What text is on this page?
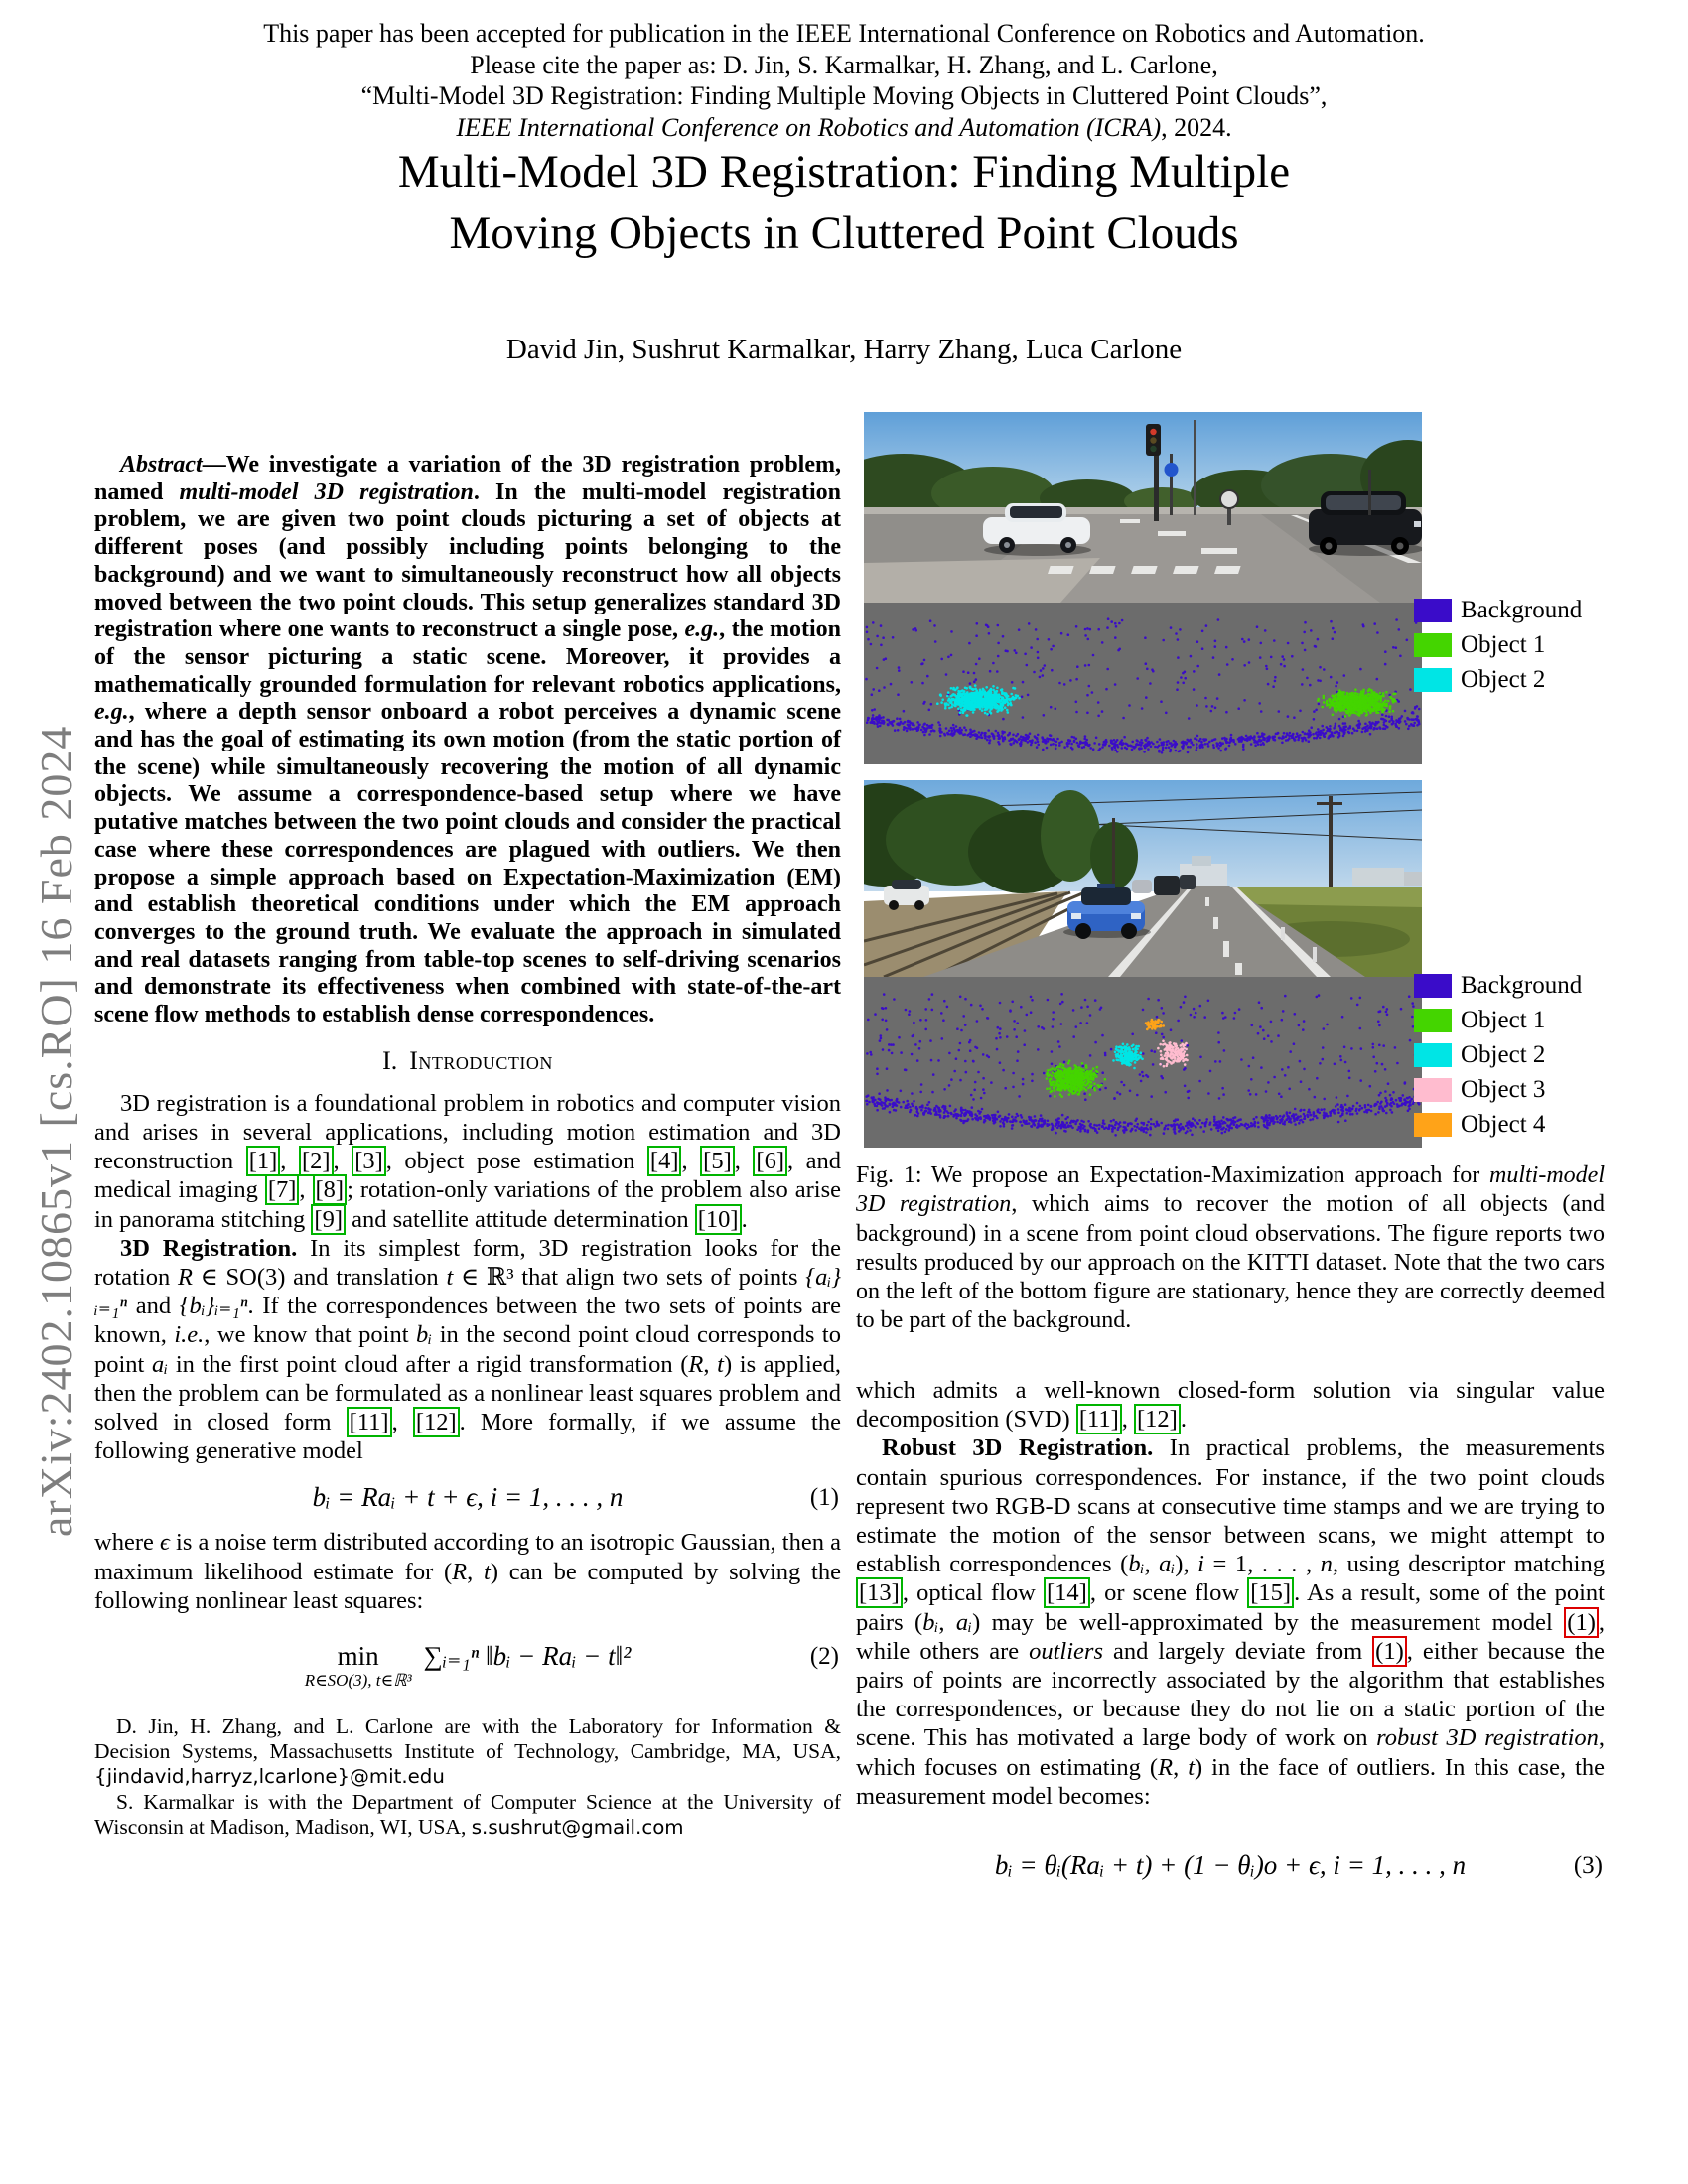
arXiv:2402.10865v1 [cs.RO] 16 Feb 2024
This paper has been accepted for publication in the IEEE International Conference on Robotics and Automation.
Please cite the paper as: D. Jin, S. Karmalkar, H. Zhang, and L. Carlone,
“Multi-Model 3D Registration: Finding Multiple Moving Objects in Cluttered Point Clouds”,
IEEE International Conference on Robotics and Automation (ICRA), 2024.
Multi-Model 3D Registration: Finding Multiple
Moving Objects in Cluttered Point Clouds
David Jin, Sushrut Karmalkar, Harry Zhang, Luca Carlone

Abstract—We investigate a variation of the 3D registration problem, named multi-model 3D registration. In the multi-model registration problem, we are given two point clouds picturing a set of objects at different poses (and possibly including points belonging to the background) and we want to simultaneously reconstruct how all objects moved between the two point clouds. This setup generalizes standard 3D registration where one wants to reconstruct a single pose, e.g., the motion of the sensor picturing a static scene. Moreover, it provides a mathematically grounded formulation for relevant robotics applications, e.g., where a depth sensor onboard a robot perceives a dynamic scene and has the goal of estimating its own motion (from the static portion of the scene) while simultaneously recovering the motion of all dynamic objects. We assume a correspondence-based setup where we have putative matches between the two point clouds and consider the practical case where these correspondences are plagued with outliers. We then propose a simple approach based on Expectation-Maximization (EM) and establish theoretical conditions under which the EM approach converges to the ground truth. We evaluate the approach in simulated and real datasets ranging from table-top scenes to self-driving scenarios and demonstrate its effectiveness when combined with state-of-the-art scene flow methods to establish dense correspondences.

I. Introduction

3D registration is a foundational problem in robotics and computer vision and arises in several applications, including motion estimation and 3D reconstruction [1] , [2] , [3] , object pose estimation [4] , [5] , [6] , and medical imaging [7] , [8] ; rotation-only variations of the problem also arise in panorama stitching [9] and satellite attitude determination [10] .

3D Registration. In its simplest form, 3D registration looks for the rotation R ∈ SO(3) and translation t ∈ ℝ³ that align two sets of points {aᵢ}ᵢ₌₁ⁿ and {bᵢ}ᵢ₌₁ⁿ. If the correspondences between the two sets of points are known, i.e., we know that point bᵢ in the second point cloud corresponds to point aᵢ in the first point cloud after a rigid transformation (R, t) is applied, then the problem can be formulated as a nonlinear least squares problem and solved in closed form [11] , [12] . More formally, if we assume the following generative model

bᵢ = Raᵢ + t + ϵ, i = 1, . . . , n	(1)

where ϵ is a noise term distributed according to an isotropic Gaussian, then a maximum likelihood estimate for (R, t) can be computed by solving the following nonlinear least squares:

min
R∈SO(3), t∈ℝ³
∑ᵢ₌₁ⁿ ‖bᵢ − Raᵢ − t‖²	(2)

D. Jin, H. Zhang, and L. Carlone are with the Laboratory for Information & Decision Systems, Massachusetts Institute of Technology, Cambridge, MA, USA, {jindavid,harryz,lcarlone}@mit.edu

S. Karmalkar is with the Department of Computer Science at the University of Wisconsin at Madison, Madison, WI, USA, s.sushrut@gmail.com

Background
Object 1
Object 2
Background
Object 1
Object 2
Object 3
Object 4

Fig. 1: We propose an Expectation-Maximization approach for multi-model 3D registration, which aims to recover the motion of all objects (and background) in a scene from point cloud observations. The figure reports two results produced by our approach on the KITTI dataset. Note that the two cars on the left of the bottom figure are stationary, hence they are correctly deemed to be part of the background.

which admits a well-known closed-form solution via singular value decomposition (SVD) [11] , [12] .

Robust 3D Registration. In practical problems, the measurements contain spurious correspondences. For instance, if the two point clouds represent two RGB-D scans at consecutive time stamps and we are trying to estimate the motion of the sensor between scans, we might attempt to establish correspondences (bᵢ, aᵢ), i = 1, . . . , n, using descriptor matching [13] , optical flow [14] , or scene flow [15] . As a result, some of the point pairs (bᵢ, aᵢ) may be well-approximated by the measurement model (1) , while others are outliers and largely deviate from (1) , either because the pairs of points are incorrectly associated by the algorithm that establishes the correspondences, or because they do not lie on a static portion of the scene. This has motivated a large body of work on robust 3D registration, which focuses on estimating (R, t) in the face of outliers. In this case, the measurement model becomes:

bᵢ = θᵢ(Raᵢ + t) + (1 − θᵢ)o + ϵ, i = 1, . . . , n	(3)
